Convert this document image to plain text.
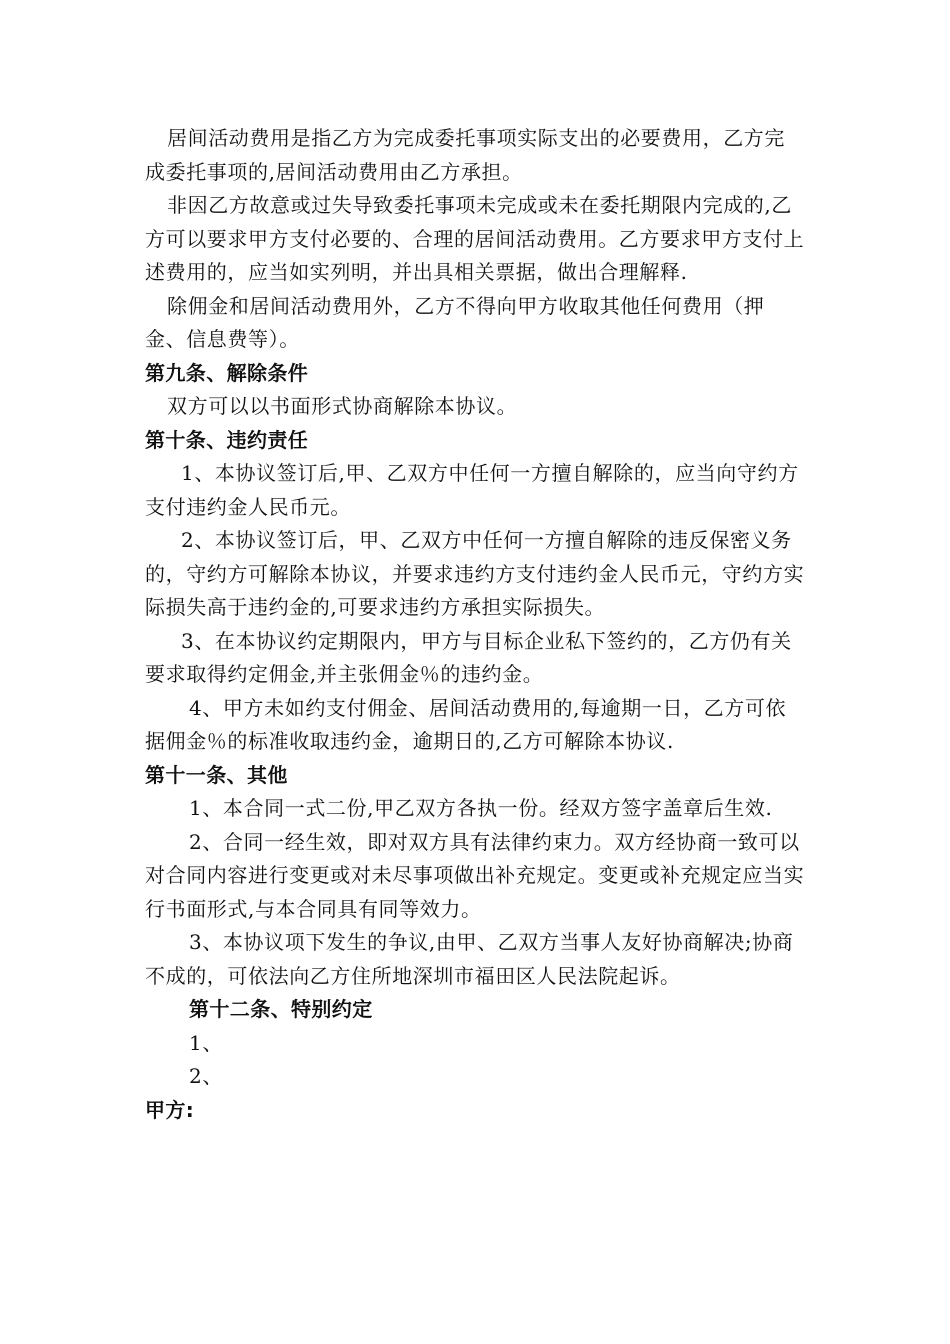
居间活动费用是指乙方为完成委托事项实际支出的必要费用，乙方完成委托事项的,居间活动费用由乙方承担。

非因乙方故意或过失导致委托事项未完成或未在委托期限内完成的,乙方可以要求甲方支付必要的、合理的居间活动费用。乙方要求甲方支付上述费用的，应当如实列明，并出具相关票据，做出合理解释.

除佣金和居间活动费用外，乙方不得向甲方收取其他任何费用（押金、信息费等）。

第九条、解除条件

双方可以以书面形式协商解除本协议。

第十条、违约责任

1、本协议签订后,甲、乙双方中任何一方擅自解除的，应当向守约方支付违约金人民币元。

2、本协议签订后，甲、乙双方中任何一方擅自解除的违反保密义务的，守约方可解除本协议，并要求违约方支付违约金人民币元，守约方实际损失高于违约金的,可要求违约方承担实际损失。

3、在本协议约定期限内，甲方与目标企业私下签约的，乙方仍有关要求取得约定佣金,并主张佣金％的违约金。

4、甲方未如约支付佣金、居间活动费用的,每逾期一日，乙方可依据佣金％的标准收取违约金，逾期日的,乙方可解除本协议.

第十一条、其他

1、本合同一式二份,甲乙双方各执一份。经双方签字盖章后生效.

2、合同一经生效，即对双方具有法律约束力。双方经协商一致可以对合同内容进行变更或对未尽事项做出补充规定。变更或补充规定应当实行书面形式,与本合同具有同等效力。

3、本协议项下发生的争议,由甲、乙双方当事人友好协商解决;协商不成的，可依法向乙方住所地深圳市福田区人民法院起诉。

第十二条、特别约定

1、

2、

甲方:
